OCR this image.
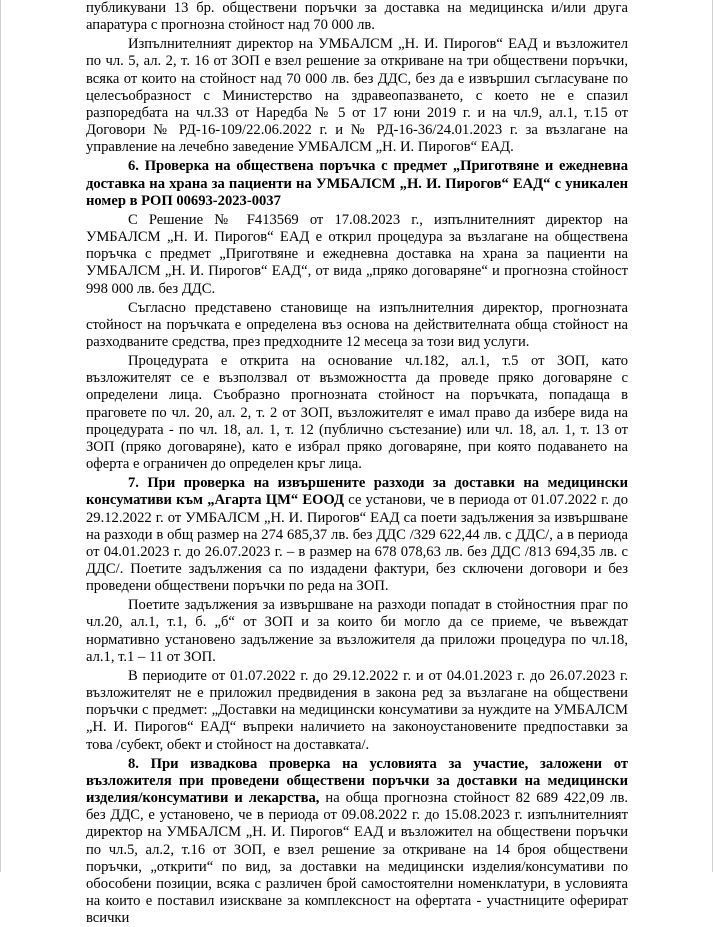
публикувани 13 бр. обществени поръчки за доставка на медицинска и/или друга апаратура с прогнозна стойност над 70 000 лв.

Изпълнителният директор на УМБАЛСМ „Н. И. Пирогов“ ЕАД и възложител по чл. 5, ал. 2, т. 16 от ЗОП е взел решение за откриване на три обществени поръчки, всяка от които на стойност над 70 000 лв. без ДДС, без да е извършил съгласуване по целесъобразност с Министерство на здравеопазването, с което не е спазил разпоредбата на чл.33 от Наредба № 5 от 17 юни 2019 г. и на чл.9, ал.1, т.15 от Договори № РД-16-109/22.06.2022 г. и № РД-16-36/24.01.2023 г. за възлагане на управление на лечебно заведение УМБАЛСМ „Н. И. Пирогов“ ЕАД.

6. Проверка на обществена поръчка с предмет „Приготвяне и ежедневна доставка на храна за пациенти на УМБАЛСМ „Н. И. Пирогов“ ЕАД“ с уникален номер в РОП 00693-2023-0037

С Решение № F413569 от 17.08.2023 г., изпълнителният директор на УМБАЛСМ „Н. И. Пирогов“ ЕАД е открил процедура за възлагане на обществена поръчка с предмет „Приготвяне и ежедневна доставка на храна за пациенти на УМБАЛСМ „Н. И. Пирогов“ ЕАД“, от вида „пряко договаряне“ и прогнозна стойност 998 000 лв. без ДДС.

Съгласно представено становище на изпълнителния директор, прогнозната стойност на поръчката е определена въз основа на действителната обща стойност на разходваните средства, през предходните 12 месеца за този вид услуги.

Процедурата е открита на основание чл.182, ал.1, т.5 от ЗОП, като възложителят се е възползвал от възможността да проведе пряко договаряне с определени лица. Съобразно прогнозната стойност на поръчката, попадаща в праговете по чл. 20, ал. 2, т. 2 от ЗОП, възложителят е имал право да избере вида на процедурата - по чл. 18, ал. 1, т. 12 (публично състезание) или чл. 18, ал. 1, т. 13 от ЗОП (пряко договаряне), като е избрал пряко договаряне, при която подаването на оферта е ограничен до определен кръг лица.

7. При проверка на извършените разходи за доставки на медицински консумативи към „Агарта ЦМ“ ЕООД се установи, че в периода от 01.07.2022 г. до 29.12.2022 г. от УМБАЛСМ „Н. И. Пирогов“ ЕАД са поети задължения за извършване на разходи в общ размер на 274 685,37 лв. без ДДС /329 622,44 лв. с ДДС/, а в периода от 04.01.2023 г. до 26.07.2023 г. – в размер на 678 078,63 лв. без ДДС /813 694,35 лв. с ДДС/. Поетите задължения са по издадени фактури, без сключени договори и без проведени обществени поръчки по реда на ЗОП.

Поетите задължения за извършване на разходи попадат в стойностния праг по чл.20, ал.1, т.1, б. „б“ от ЗОП и за които би могло да се приеме, че въвеждат нормативно установено задължение за възложителя да приложи процедура по чл.18, ал.1, т.1 – 11 от ЗОП.

В периодите от 01.07.2022 г. до 29.12.2022 г. и от 04.01.2023 г. до 26.07.2023 г. възложителят не е приложил предвидения в закона ред за възлагане на обществени поръчки с предмет: „Доставки на медицински консумативи за нуждите на УМБАЛСМ „Н. И. Пирогов“ ЕАД“ въпреки наличието на законоустановените предпоставки за това /субект, обект и стойност на доставката/.

8. При извадкова проверка на условията за участие, заложени от възложителя при проведени обществени поръчки за доставки на медицински изделия/консумативи и лекарства, на обща прогнозна стойност 82 689 422,09 лв. без ДДС, е установено, че в периода от 09.08.2022 г. до 15.08.2023 г. изпълнителният директор на УМБАЛСМ „Н. И. Пирогов“ ЕАД и възложител на обществени поръчки по чл.5, ал.2, т.16 от ЗОП, е взел решение за откриване на 14 броя обществени поръчки, „открити“ по вид, за доставки на медицински изделия/консумативи по обособени позиции, всяка с различен брой самостоятелни номенклатури, в условията на които е поставил изискване за комплексност на офертата - участниците оферират всички
